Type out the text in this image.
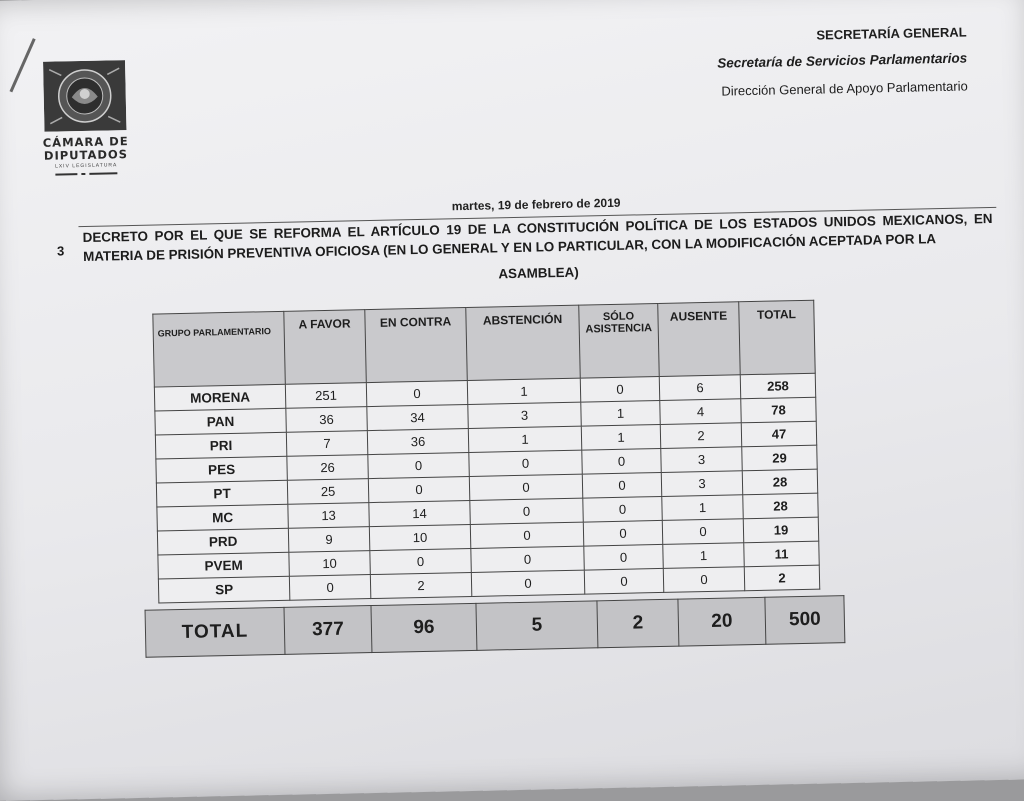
CÁMARA DE
DIPUTADOS
LXIV LEGISLATURA
SECRETARÍA GENERAL
Secretaría de Servicios Parlamentarios
Dirección General de Apoyo Parlamentario
martes, 19 de febrero de 2019
3
DECRETO POR EL QUE SE REFORMA EL ARTÍCULO 19 DE LA CONSTITUCIÓN POLÍTICA DE LOS ESTADOS UNIDOS MEXICANOS, EN MATERIA DE PRISIÓN PREVENTIVA OFICIOSA (EN LO GENERAL Y EN LO PARTICULAR, CON LA MODIFICACIÓN ACEPTADA POR LA
ASAMBLEA)
GRUPO PARLAMENTARIO	A FAVOR	EN CONTRA	ABSTENCIÓN	SÓLO ASISTENCIA	AUSENTE	TOTAL
MORENA	251	0	1	0	6	258
PAN	36	34	3	1	4	78
PRI	7	36	1	1	2	47
PES	26	0	0	0	3	29
PT	25	0	0	0	3	28
MC	13	14	0	0	1	28
PRD	9	10	0	0	0	19
PVEM	10	0	0	0	1	11
SP	0	2	0	0	0	2
TOTAL	377	96	5	2	20	500
